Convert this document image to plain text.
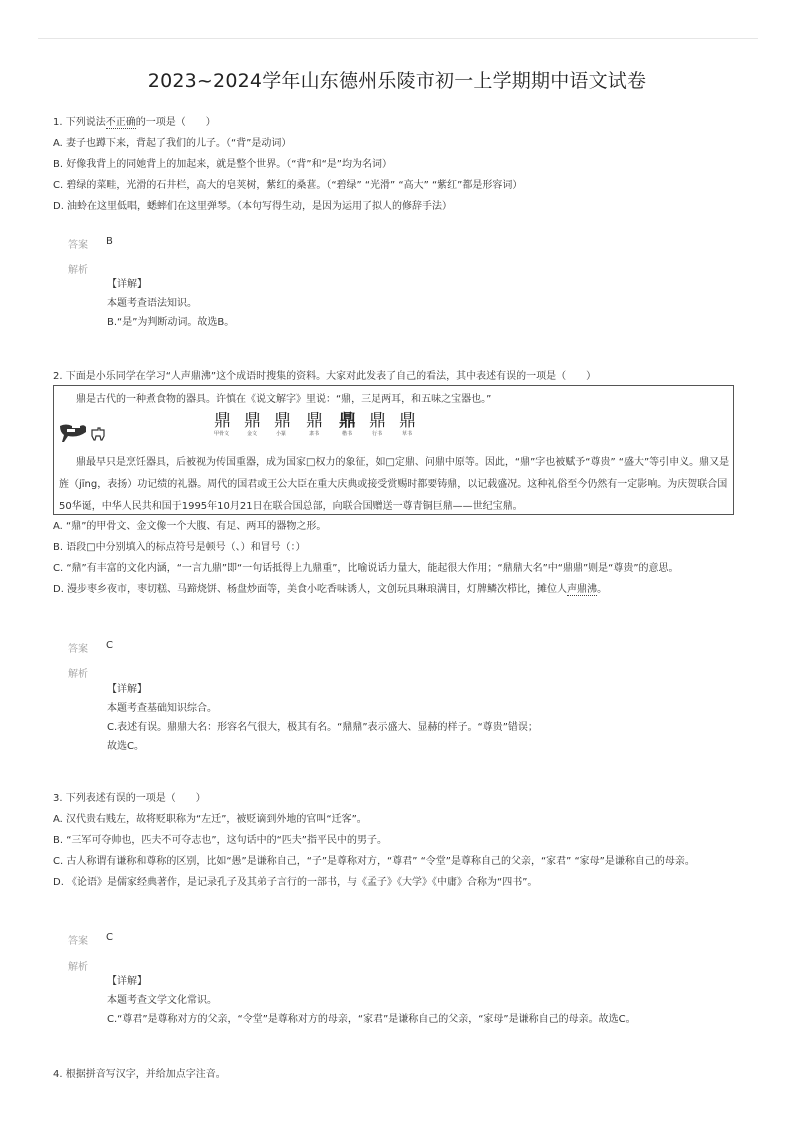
2023~2024学年山东德州乐陵市初一上学期期中语文试卷
1. 下列说法不正确的一项是（　　）
A. 妻子也蹲下来，背起了我们的儿子。（“背”是动词）
B. 好像我背上的同她背上的加起来，就是整个世界。（“背”和“是”均为名词）
C. 碧绿的菜畦，光滑的石井栏，高大的皂荚树，紫红的桑葚。（“碧绿” “光滑” “高大” “紫红”都是形容词）
D. 油蛉在这里低唱，蟋蟀们在这里弹琴。（本句写得生动，是因为运用了拟人的修辞手法）
答案 B
解析
【详解】
本题考查语法知识。
B.“是”为判断动词。故选B。
2. 下面是小乐同学在学习“人声鼎沸”这个成语时搜集的资料。大家对此发表了自己的看法，其中表述有误的一项是（　　）
鼎是古代的一种煮食物的器具。许慎在《说文解字》里说：“鼎，三足两耳，和五味之宝器也。”
鼎 鼎 鼎 鼎 鼎 鼎 鼎
甲骨文	金文	小篆	隶书	楷书	行书	草书
鼎最早只是烹饪器具，后被视为传国重器，成为国家□权力的象征，如□定鼎、问鼎中原等。因此，“鼎”字也被赋予“尊贵” “盛大”等引申义。鼎又是旌（jīng，表扬）功记绩的礼器。周代的国君或王公大臣在重大庆典或接受赏赐时都要铸鼎，以记载盛况。这种礼俗至今仍然有一定影响。为庆贺联合国50华诞，中华人民共和国于1995年10月21日在联合国总部，向联合国赠送一尊青铜巨鼎——世纪宝鼎。
A. “鼎”的甲骨文、金文像一个大腹、有足、两耳的器物之形。
B. 语段□中分别填入的标点符号是顿号（、）和冒号（：）
C. “鼎”有丰富的文化内涵，“一言九鼎”即“一句话抵得上九鼎重”，比喻说话力量大，能起很大作用；“鼎鼎大名”中“鼎鼎”则是“尊贵”的意思。
D. 漫步枣乡夜市，枣切糕、马蹄烧饼、杨盘炒面等，美食小吃香味诱人，文创玩具琳琅满目，灯牌鳞次栉比，摊位人声鼎沸。
答案 C
解析
【详解】
本题考查基础知识综合。
C.表述有误。鼎鼎大名：形容名气很大，极其有名。“鼎鼎”表示盛大、显赫的样子。“尊贵”错误；
故选C。
3. 下列表述有误的一项是（　　）
A. 汉代贵右贱左，故将贬职称为“左迁”，被贬谪到外地的官叫“迁客”。
B. “三军可夺帅也，匹夫不可夺志也”，这句话中的“匹夫”指平民中的男子。
C. 古人称谓有谦称和尊称的区别，比如“愚”是谦称自己，“子”是尊称对方，“尊君” “令堂”是尊称自己的父亲，“家君” “家母”是谦称自己的母亲。
D. 《论语》是儒家经典著作，是记录孔子及其弟子言行的一部书，与《孟子》《大学》《中庸》合称为“四书”。
答案 C
解析
【详解】
本题考查文学文化常识。
C.“尊君”是尊称对方的父亲，“令堂”是尊称对方的母亲，“家君”是谦称自己的父亲，“家母”是谦称自己的母亲。故选C。
4. 根据拼音写汉字，并给加点字注音。
